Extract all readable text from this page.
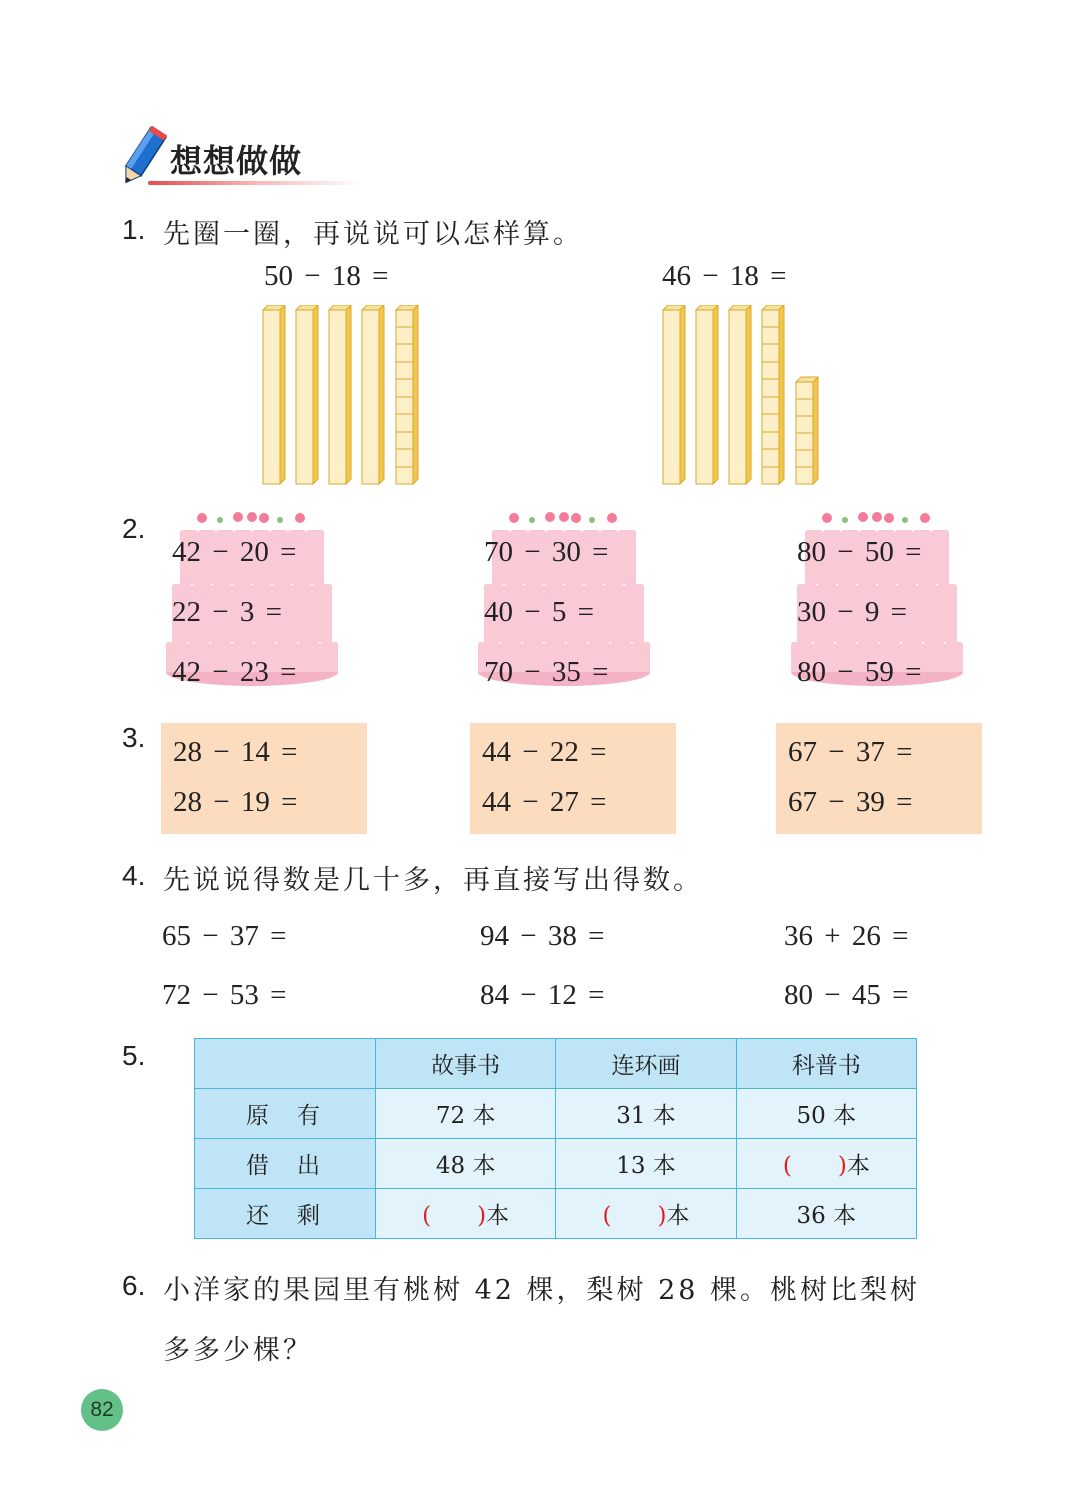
想想做做
1. 先圈一圈，再说说可以怎样算。
50 − 18 =	46 − 18 =
2.
42 − 20 =
22 − 3 =
42 − 23 =
70 − 30 =
40 − 5 =
70 − 35 =
80 − 50 =
30 − 9 =
80 − 59 =
3. 28 − 14 =
28 − 19 =
44 − 22 =
44 − 27 =
67 − 37 =
67 − 39 =
4. 先说说得数是几十多，再直接写出得数。
65 − 37 =	94 − 38 =	36 + 26 =
72 − 53 =	84 − 12 =	80 − 45 =
5.
		故事书	连环画	科普书
原有	72 本	31 本	50 本
借出	48 本	13 本	(　　 )本
还剩	(　　 )本	(　　 )本	36 本
6. 小洋家的果园里有桃树 42 棵，梨树 28 棵。桃树比梨树
多多少棵？
82
